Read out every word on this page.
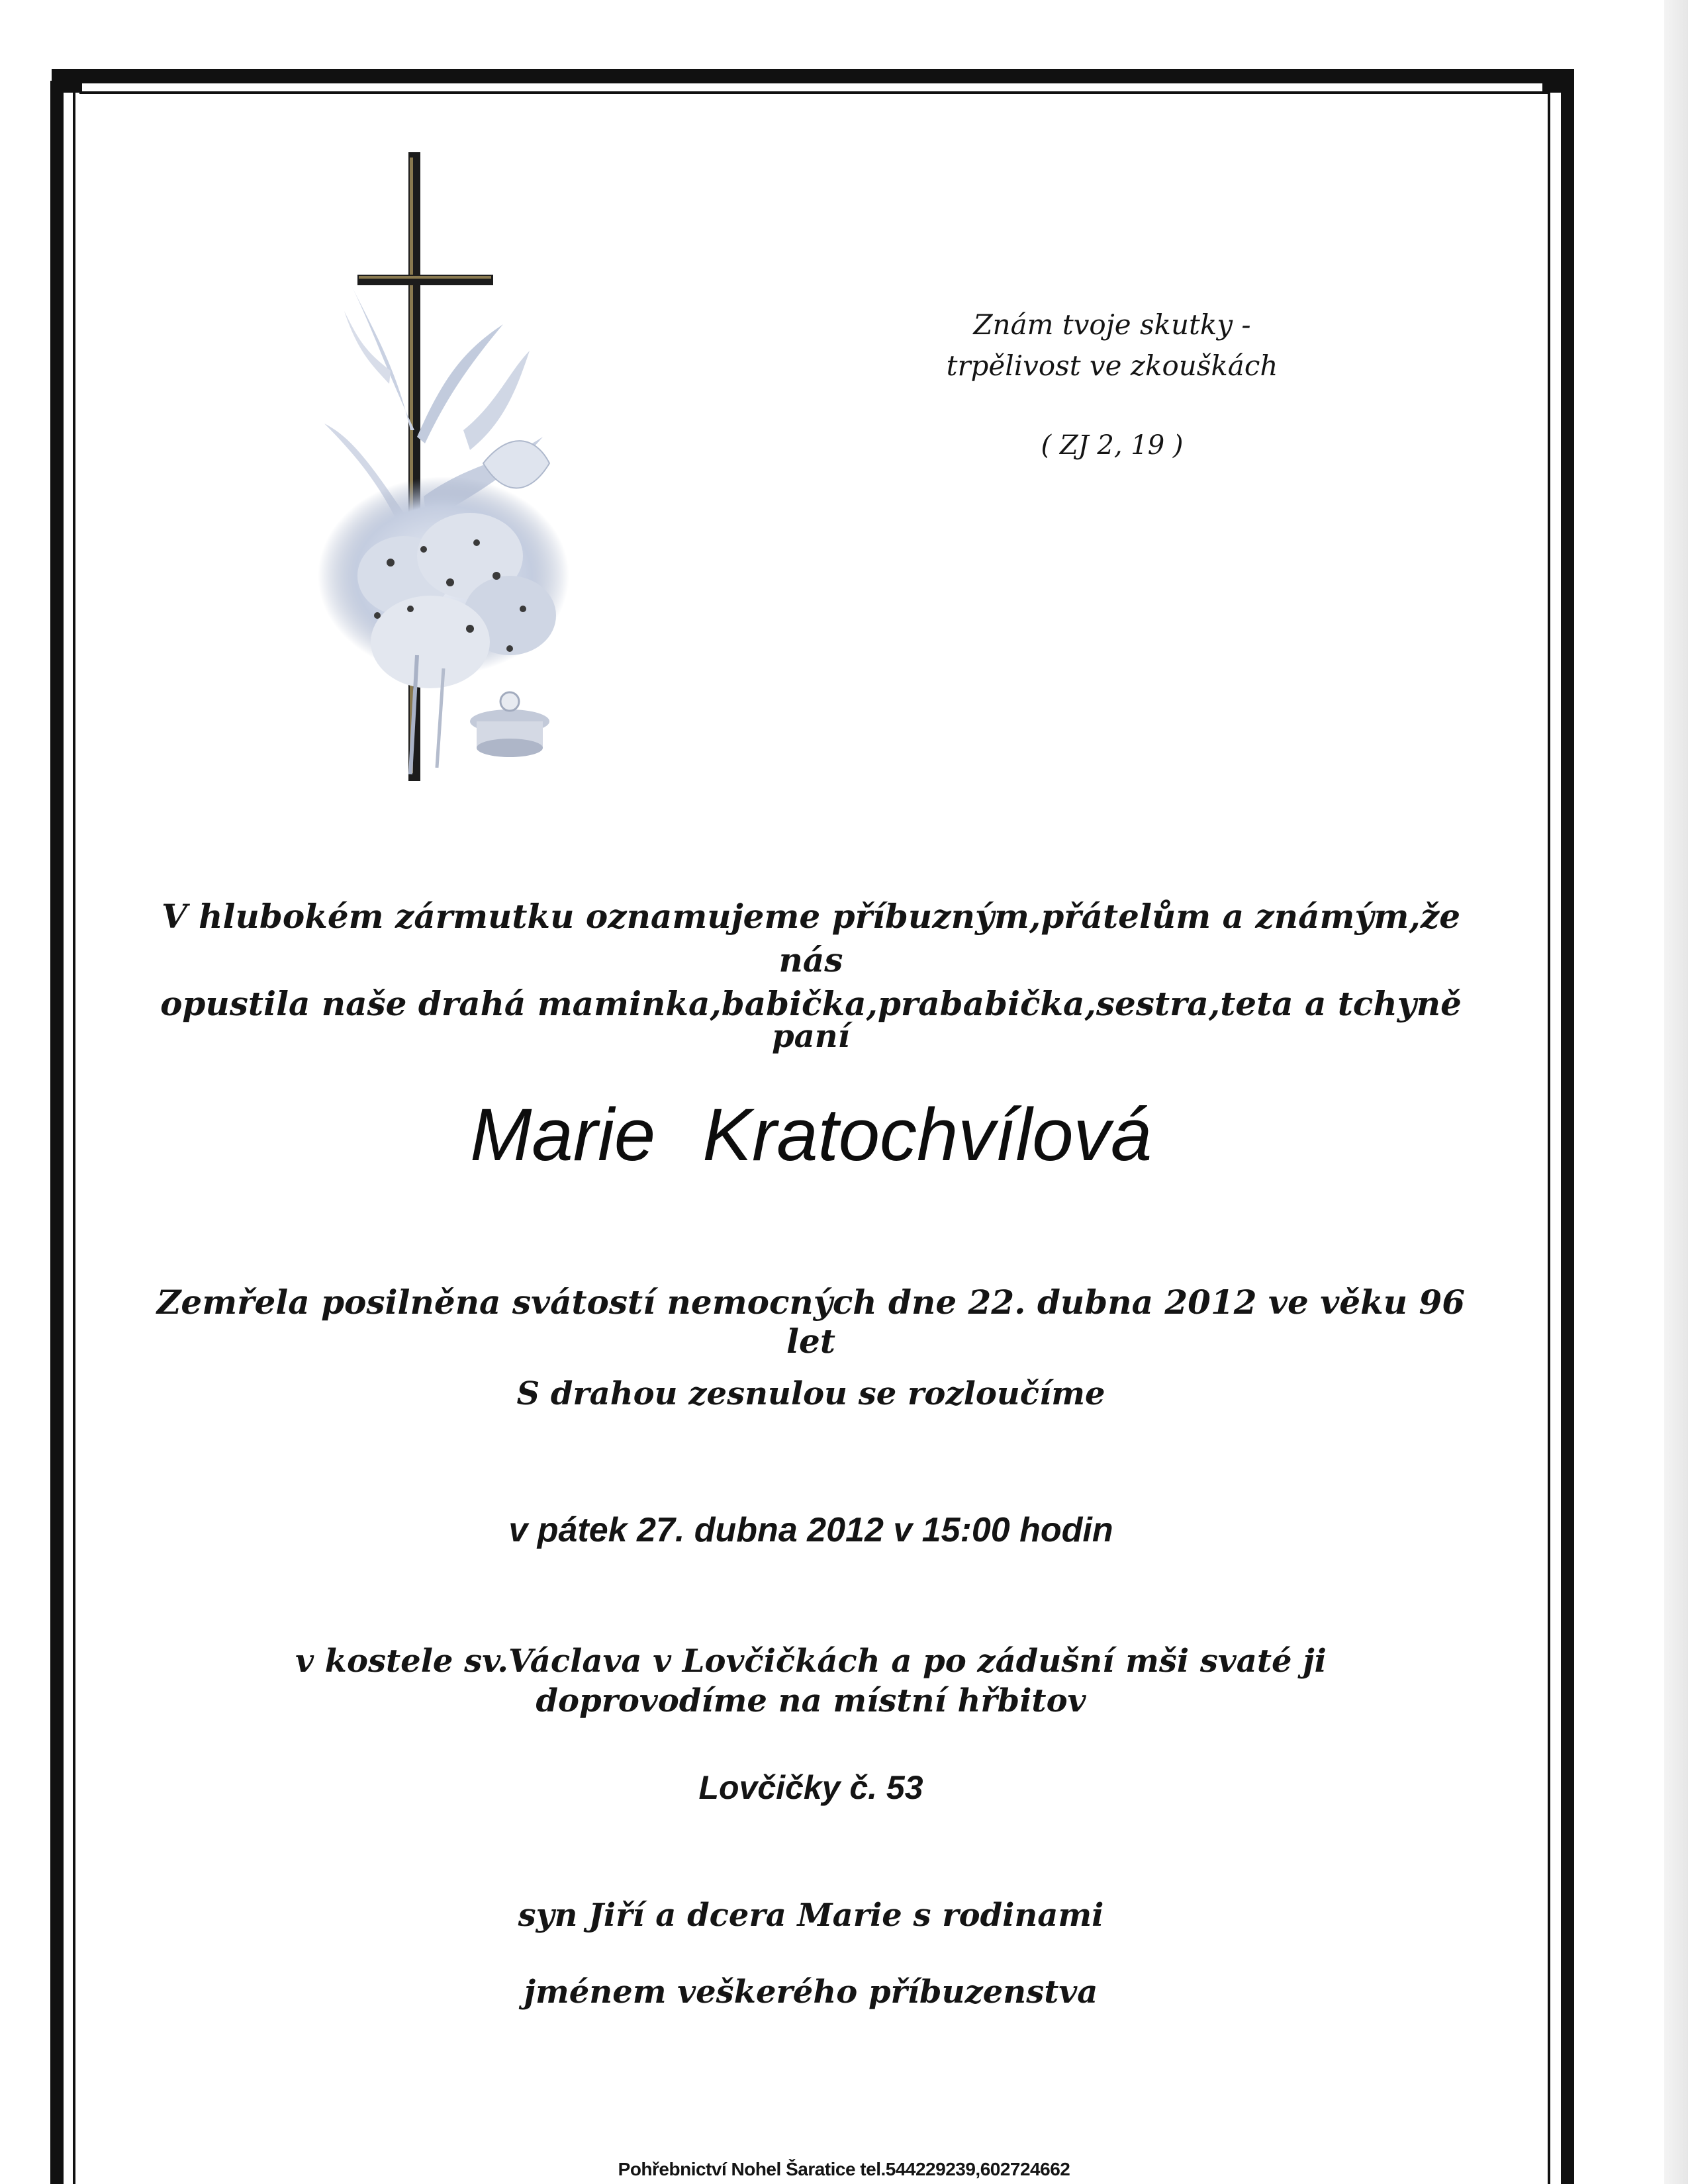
Znám tvoje skutky -
trpělivost ve zkouškách
( ZJ 2, 19 )
V hlubokém zármutku oznamujeme příbuzným,přátelům a známým,že nás
opustila naše drahá maminka,babička,prababička,sestra,teta a tchyně
paní
Marie Kratochvílová
Zemřela posilněna svátostí nemocných dne 22. dubna 2012 ve věku 96 let
S drahou zesnulou se rozloučíme
v pátek 27. dubna 2012 v 15:00 hodin
v kostele sv.Václava v Lovčičkách a po zádušní mši svaté ji
doprovodíme na místní hřbitov
Lovčičky č. 53
syn Jiří a dcera Marie s rodinami
jménem veškerého příbuzenstva
Pohřebnictví Nohel Šaratice tel.544229239,602724662
